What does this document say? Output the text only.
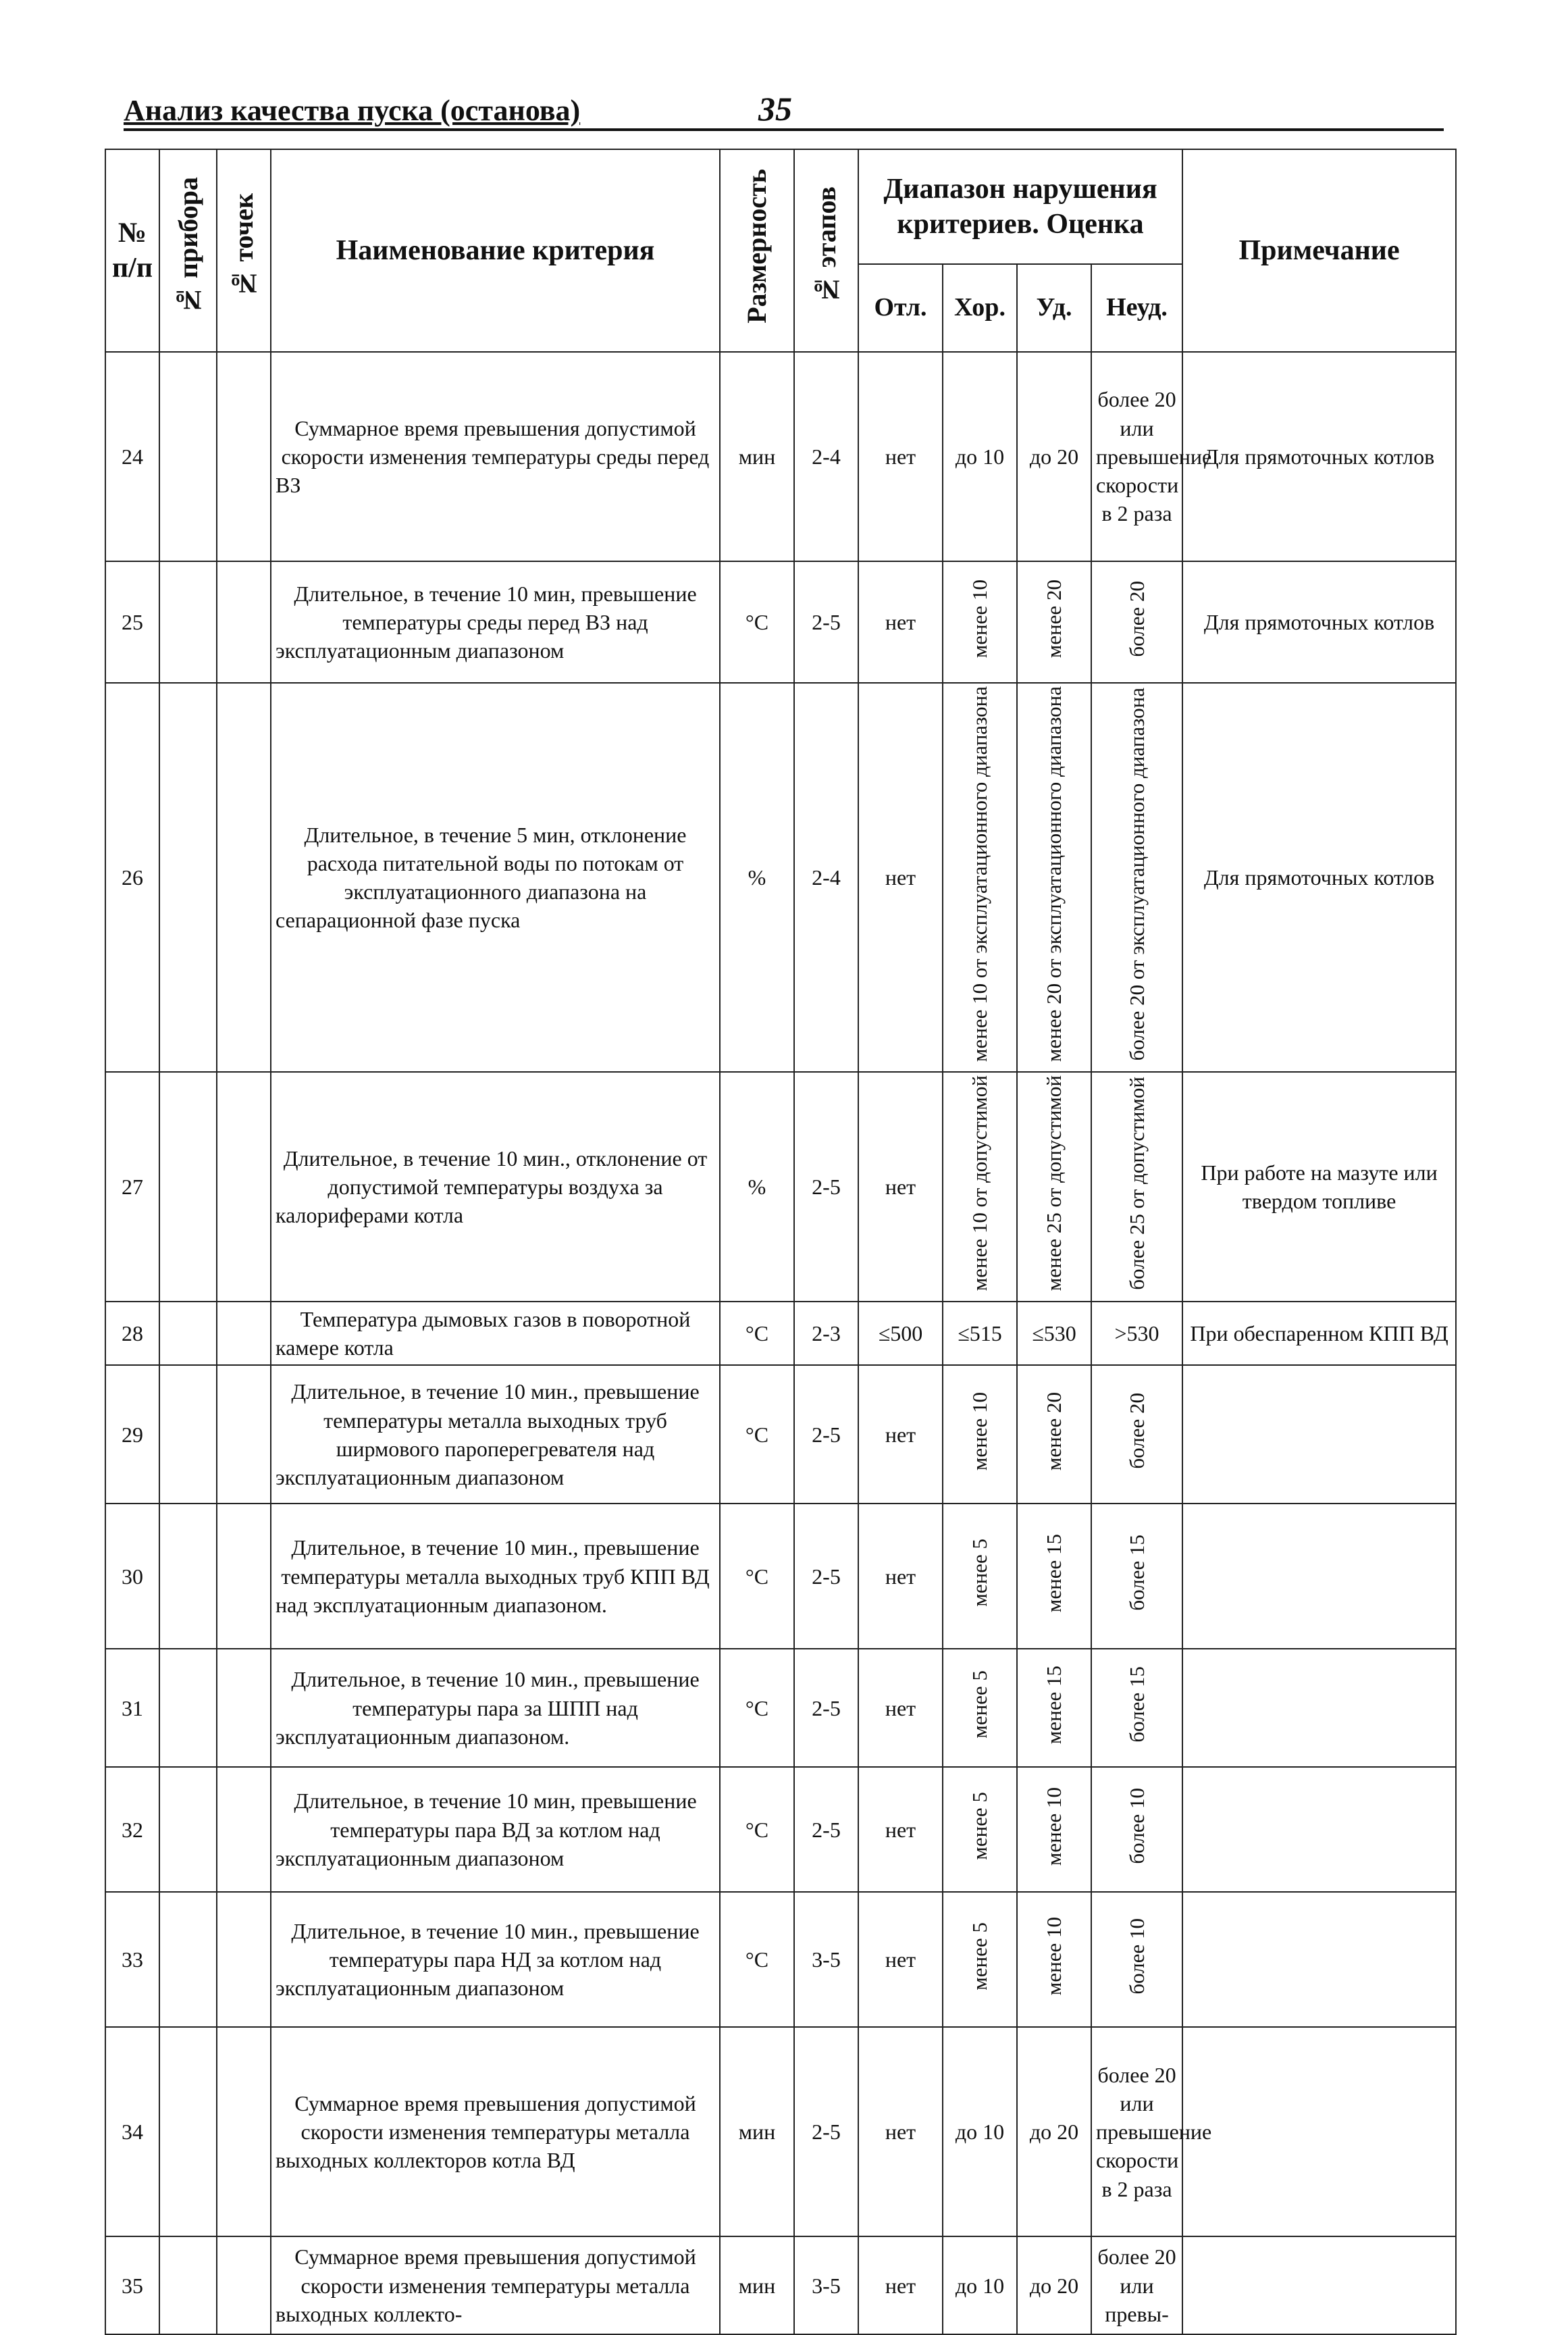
Анализ качества пуска (останова)	35
№ п/п	№ прибора	№ точек	Наименование критерия	Размерность	№ этапов	Диапазон нарушения критериев. Оценка				Примечание
						Отл.	Хор.	Уд.	Неуд.	
24			Суммарное время превышения допустимой скорости изменения температуры среды перед ВЗ	мин	2-4	нет	до 10	до 20	более 20 или превышение скорости в 2 раза	Для прямоточных котлов
25			Длительное, в течение 10 мин, превышение температуры среды перед ВЗ над эксплуатационным диапазоном	°С	2-5	нет	менее 10	менее 20	более 20	Для прямоточных котлов
26			Длительное, в течение 5 мин, отклонение расхода питательной воды по потокам от эксплуатационного диапазона на сепарационной фазе пуска	%	2-4	нет	менее 10 от эксплуатационного диапазона	менее 20 от эксплуатационного диапазона	более 20 от эксплуатационного диапазона	Для прямоточных котлов
27			Длительное, в течение 10 мин., отклонение от допустимой температуры воздуха за калориферами котла	%	2-5	нет	менее 10 от допустимой	менее 25 от допустимой	более 25 от допустимой	При работе на мазуте или твердом топливе
28			Температура дымовых газов в поворотной камере котла	°С	2-3	≤500	≤515	≤530	>530	При обеспаренном КПП ВД
29			Длительное, в течение 10 мин., превышение температуры металла выходных труб ширмового пароперегревателя над эксплуатационным диапазоном	°С	2-5	нет	менее 10	менее 20	более 20	
30			Длительное, в течение 10 мин., превышение температуры металла выходных труб КПП ВД над эксплуатационным диапазоном.	°С	2-5	нет	менее 5	менее 15	более 15	
31			Длительное, в течение 10 мин., превышение температуры пара за ШПП над эксплуатационным диапазоном.	°С	2-5	нет	менее 5	менее 15	более 15	
32			Длительное, в течение 10 мин, превышение температуры пара ВД за котлом над эксплуатационным диапазоном	°С	2-5	нет	менее 5	менее 10	более 10	
33			Длительное, в течение 10 мин., превышение температуры пара НД за котлом над эксплуатационным диапазоном	°С	3-5	нет	менее 5	менее 10	более 10	
34			Суммарное время превышения допустимой скорости изменения температуры металла выходных коллекторов котла ВД	мин	2-5	нет	до 10	до 20	более 20 или превышение скорости в 2 раза	
35			Суммарное время превышения допустимой скорости изменения температуры металла выходных коллекто-	мин	3-5	нет	до 10	до 20	более 20 или превы-	
